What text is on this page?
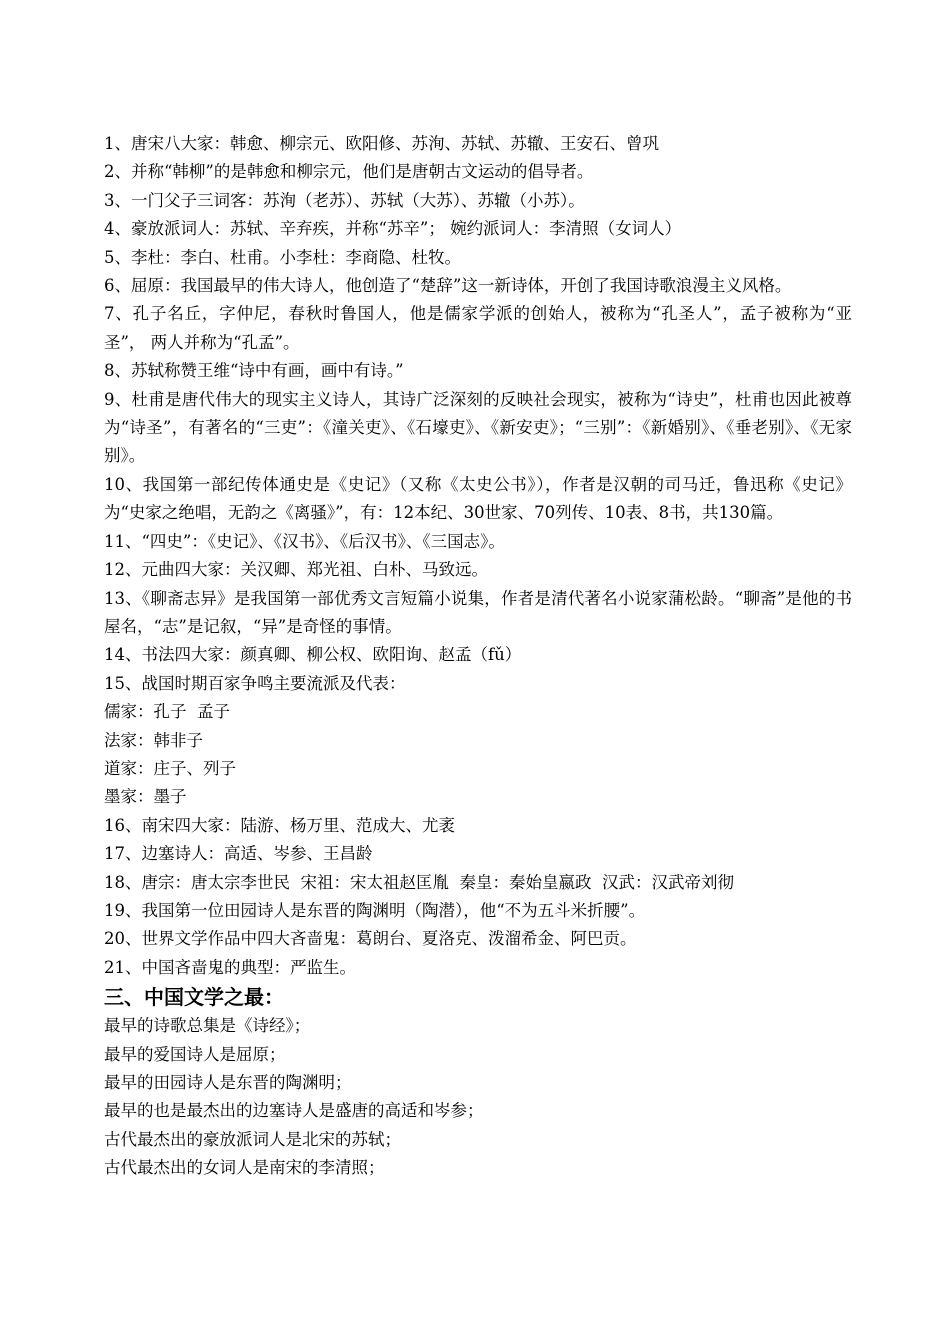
1、唐宋八大家：韩愈、柳宗元、欧阳修、苏洵、苏轼、苏辙、王安石、曾巩
2、并称“韩柳”的是韩愈和柳宗元，他们是唐朝古文运动的倡导者。
3、一门父子三词客：苏洵（老苏）、苏轼（大苏）、苏辙（小苏）。
4、豪放派词人：苏轼、辛弃疾，并称“苏辛”； 婉约派词人：李清照（女词人）
5、李杜：李白、杜甫。小李杜：李商隐、杜牧。
6、屈原：我国最早的伟大诗人，他创造了“楚辞”这一新诗体，开创了我国诗歌浪漫主义风格。
7、孔子名丘，字仲尼，春秋时鲁国人，他是儒家学派的创始人，被称为“孔圣人”，孟子被称为“亚圣”， 两人并称为“孔孟”。
8、苏轼称赞王维“诗中有画，画中有诗。”
9、杜甫是唐代伟大的现实主义诗人，其诗广泛深刻的反映社会现实，被称为“诗史”，杜甫也因此被尊为“诗圣”，有著名的“三吏”：《潼关吏》、《石壕吏》、《新安吏》；“三别”：《新婚别》、《垂老别》、《无家别》。
10、我国第一部纪传体通史是《史记》（又称《太史公书》），作者是汉朝的司马迁，鲁迅称《史记》为“史家之绝唱，无韵之《离骚》”，有：12本纪、30世家、70列传、10表、8书，共130篇。
11、“四史”：《史记》、《汉书》、《后汉书》、《三国志》。
12、元曲四大家：关汉卿、郑光祖、白朴、马致远。
13、《聊斋志异》是我国第一部优秀文言短篇小说集，作者是清代著名小说家蒲松龄。“聊斋”是他的书屋名，“志”是记叙，“异”是奇怪的事情。
14、书法四大家：颜真卿、柳公权、欧阳询、赵孟（fǔ）
15、战国时期百家争鸣主要流派及代表：
儒家：孔子  孟子
法家：韩非子
道家：庄子、列子
墨家：墨子
16、南宋四大家：陆游、杨万里、范成大、尤袤
17、边塞诗人：高适、岑参、王昌龄
18、唐宗：唐太宗李世民  宋祖：宋太祖赵匡胤  秦皇：秦始皇嬴政  汉武：汉武帝刘彻
19、我国第一位田园诗人是东晋的陶渊明（陶潜），他“不为五斗米折腰”。
20、世界文学作品中四大吝啬鬼：葛朗台、夏洛克、泼溜希金、阿巴贡。
21、中国吝啬鬼的典型：严监生。
三、中国文学之最：
最早的诗歌总集是《诗经》；
最早的爱国诗人是屈原；
最早的田园诗人是东晋的陶渊明；
最早的也是最杰出的边塞诗人是盛唐的高适和岑参；
古代最杰出的豪放派词人是北宋的苏轼；
古代最杰出的女词人是南宋的李清照；
